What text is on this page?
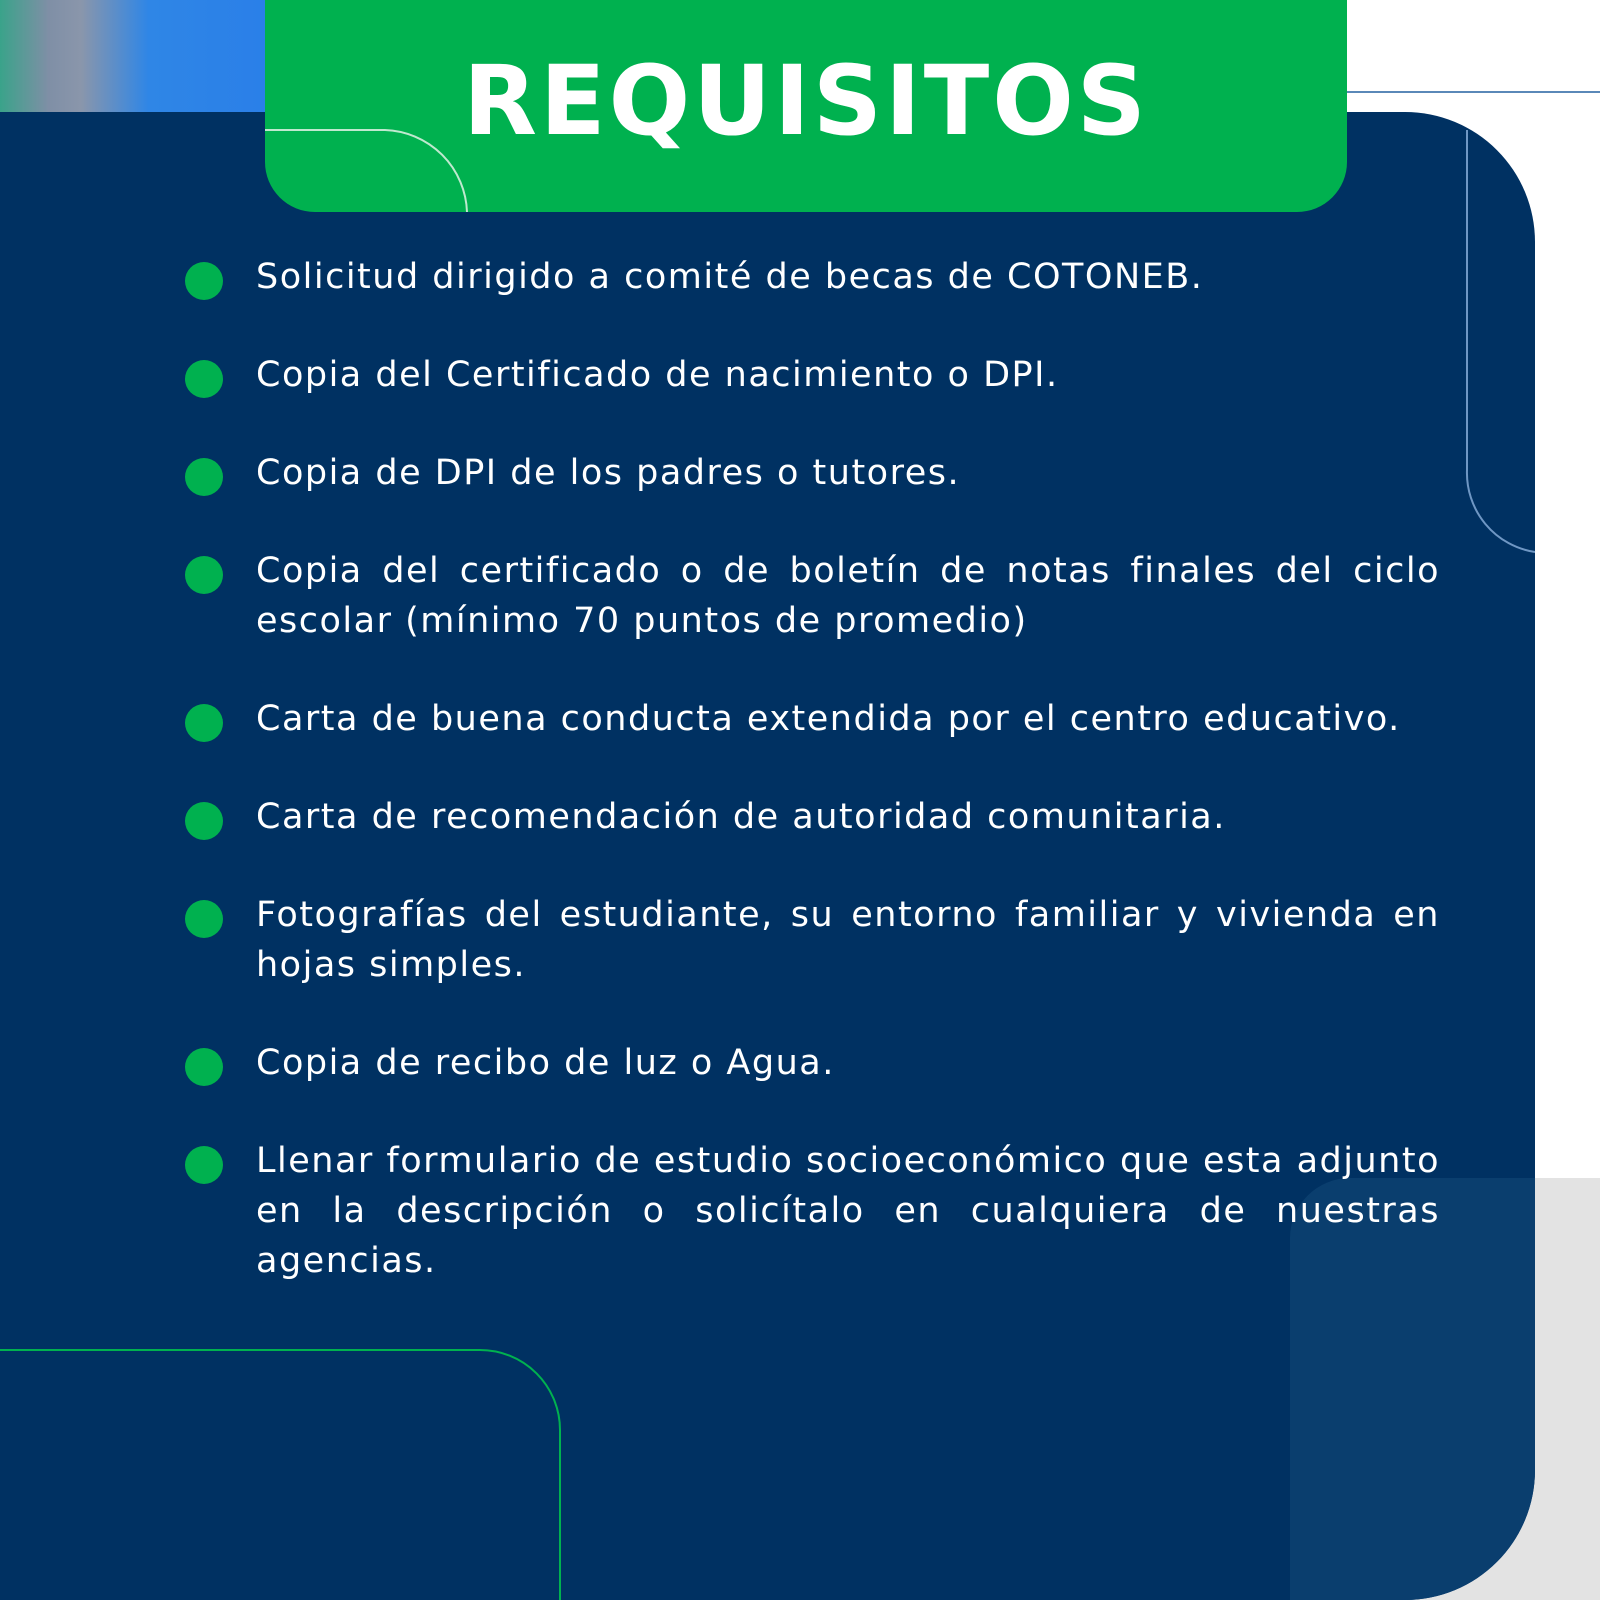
REQUISITOS
Solicitud dirigido a comité de becas de COTONEB.
Copia del Certificado de nacimiento o DPI.
Copia de DPI de los padres o tutores.
Copia del certificado o de boletín de notas finales del ciclo escolar (mínimo 70 puntos de promedio)
Carta de buena conducta extendida por el centro educativo.
Carta de recomendación de autoridad comunitaria.
Fotografías del estudiante, su entorno familiar y vivienda en hojas simples.
Copia de recibo de luz o Agua.
Llenar formulario de estudio socioeconómico que esta adjunto en la descripción o solicítalo en cualquiera de nuestras agencias.
